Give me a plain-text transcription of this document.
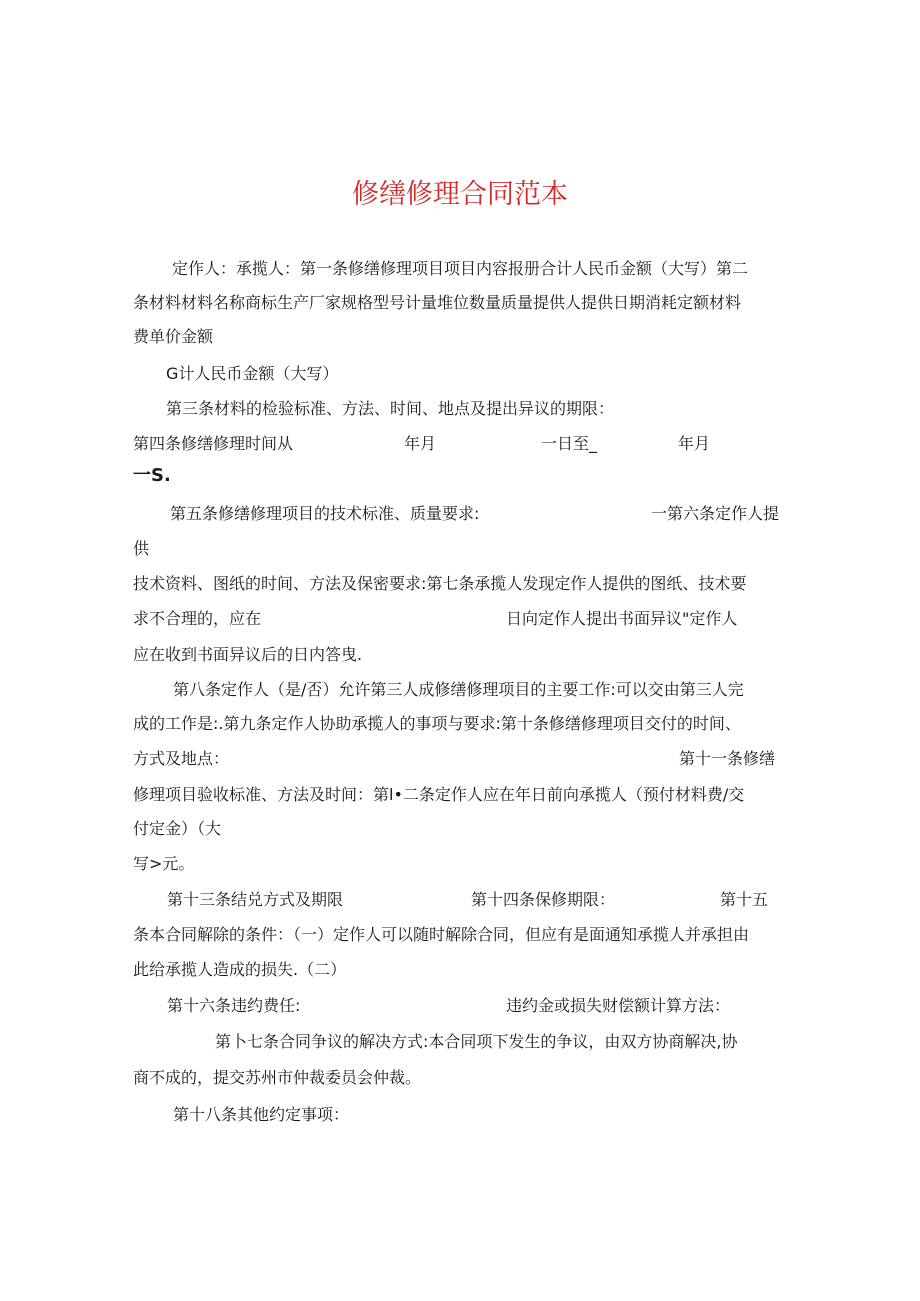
修缮修理合同范本
定作人：承揽人：第一条修缮修理项目项目内容报册合计人民币金额（大写）第二
条材料材料名称商标生产厂家规格型号计量堆位数量质量提供人提供日期消耗定额材料
费单价金额
G计人民币金额（大写）
第三条材料的检验标准、方法、时间、地点及提出异议的期限：
第四条修缮修理时间从	年月	一日至_	年月
一S.
第五条修缮修理项目的技术标准、质量要求:	一第六条定作人提
供
技术资料、图纸的时间、方法及保密要求:第七条承揽人发现定作人提供的图纸、技术要
求不合理的，应在	日向定作人提出书面异议"定作人
应在收到书面异议后的日内答曳.
第八条定作人（是/否）允许第三人成修缮修理项目的主要工作:可以交由第三人完
成的工作是:.第九条定作人协助承揽人的事项与要求:第十条修缮修理项目交付的时间、
方式及地点：	第十一条修缮
修理项目验收标准、方法及时间：第l•二条定作人应在年日前向承揽人（预付材料费/交
付定金）（大
写>元。
第十三条结兑方式及期限	第十四条保修期限：	第十五
条本合同解除的条件：（一）定作人可以随时解除合同，但应有是面通知承揽人并承担由
此给承揽人造成的损失.（二）
第十六条违约费任:	违约金或损失财偿额计算方法：
第卜七条合同争议的解决方式:本合同项下发生的争议，由双方协商解决,协
商不成的，提交苏州市仲裁委员会仲裁。
第十八条其他约定事项：
